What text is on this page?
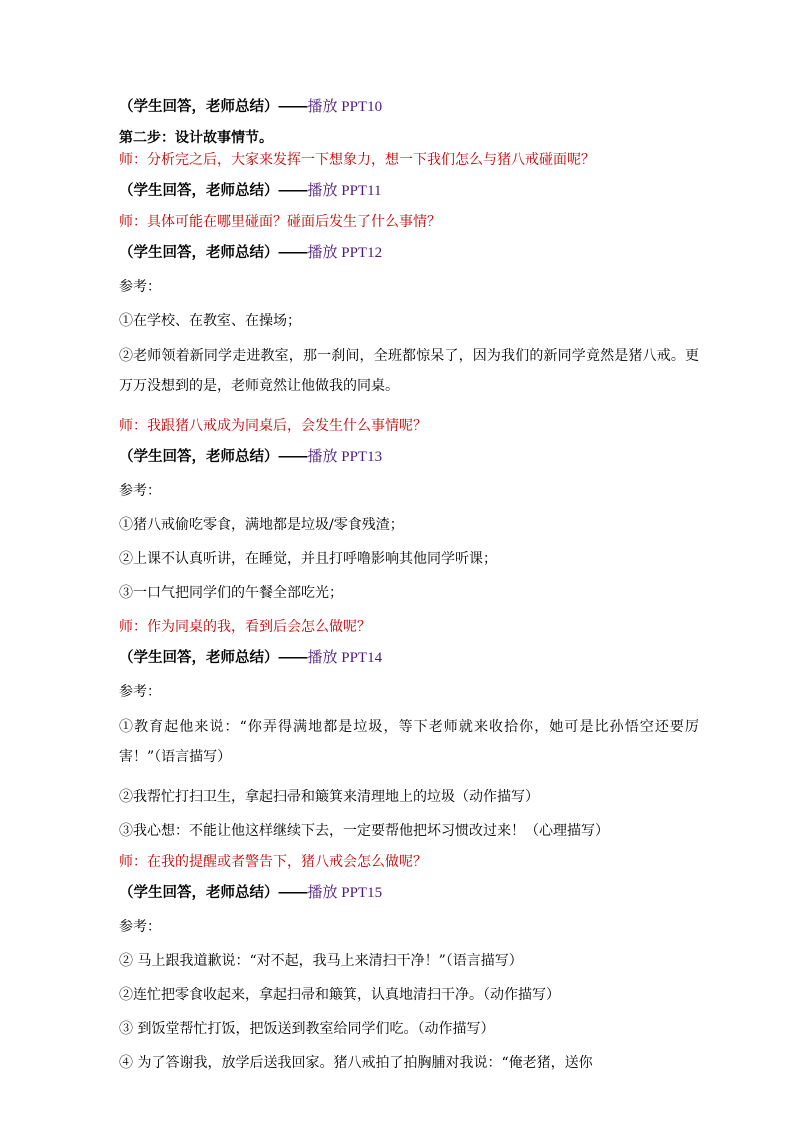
（学生回答，老师总结）——播放 PPT10

第二步：设计故事情节。

师：分析完之后，大家来发挥一下想象力，想一下我们怎么与猪八戒碰面呢？

（学生回答，老师总结）——播放 PPT11

师：具体可能在哪里碰面？碰面后发生了什么事情？

（学生回答，老师总结）——播放 PPT12

参考：

①在学校、在教室、在操场；

②老师领着新同学走进教室，那一刹间，全班都惊呆了，因为我们的新同学竟然是猪八戒。更万万没想到的是，老师竟然让他做我的同桌。

师：我跟猪八戒成为同桌后，会发生什么事情呢？

（学生回答，老师总结）——播放 PPT13

参考：

①猪八戒偷吃零食，满地都是垃圾/零食残渣；

②上课不认真听讲，在睡觉，并且打呼噜影响其他同学听课；

③一口气把同学们的午餐全部吃光；

师：作为同桌的我，看到后会怎么做呢？

（学生回答，老师总结）——播放 PPT14

参考：

①教育起他来说：“你弄得满地都是垃圾，等下老师就来收拾你，她可是比孙悟空还要厉害！”（语言描写）

②我帮忙打扫卫生，拿起扫帚和簸箕来清理地上的垃圾（动作描写）

③我心想：不能让他这样继续下去，一定要帮他把坏习惯改过来！（心理描写）

师：在我的提醒或者警告下，猪八戒会怎么做呢？

（学生回答，老师总结）——播放 PPT15

参考：

② 马上跟我道歉说：“对不起，我马上来清扫干净！”（语言描写）

②连忙把零食收起来，拿起扫帚和簸箕，认真地清扫干净。（动作描写）

③ 到饭堂帮忙打饭，把饭送到教室给同学们吃。（动作描写）

④ 为了答谢我，放学后送我回家。猪八戒拍了拍胸脯对我说：“俺老猪，送你
